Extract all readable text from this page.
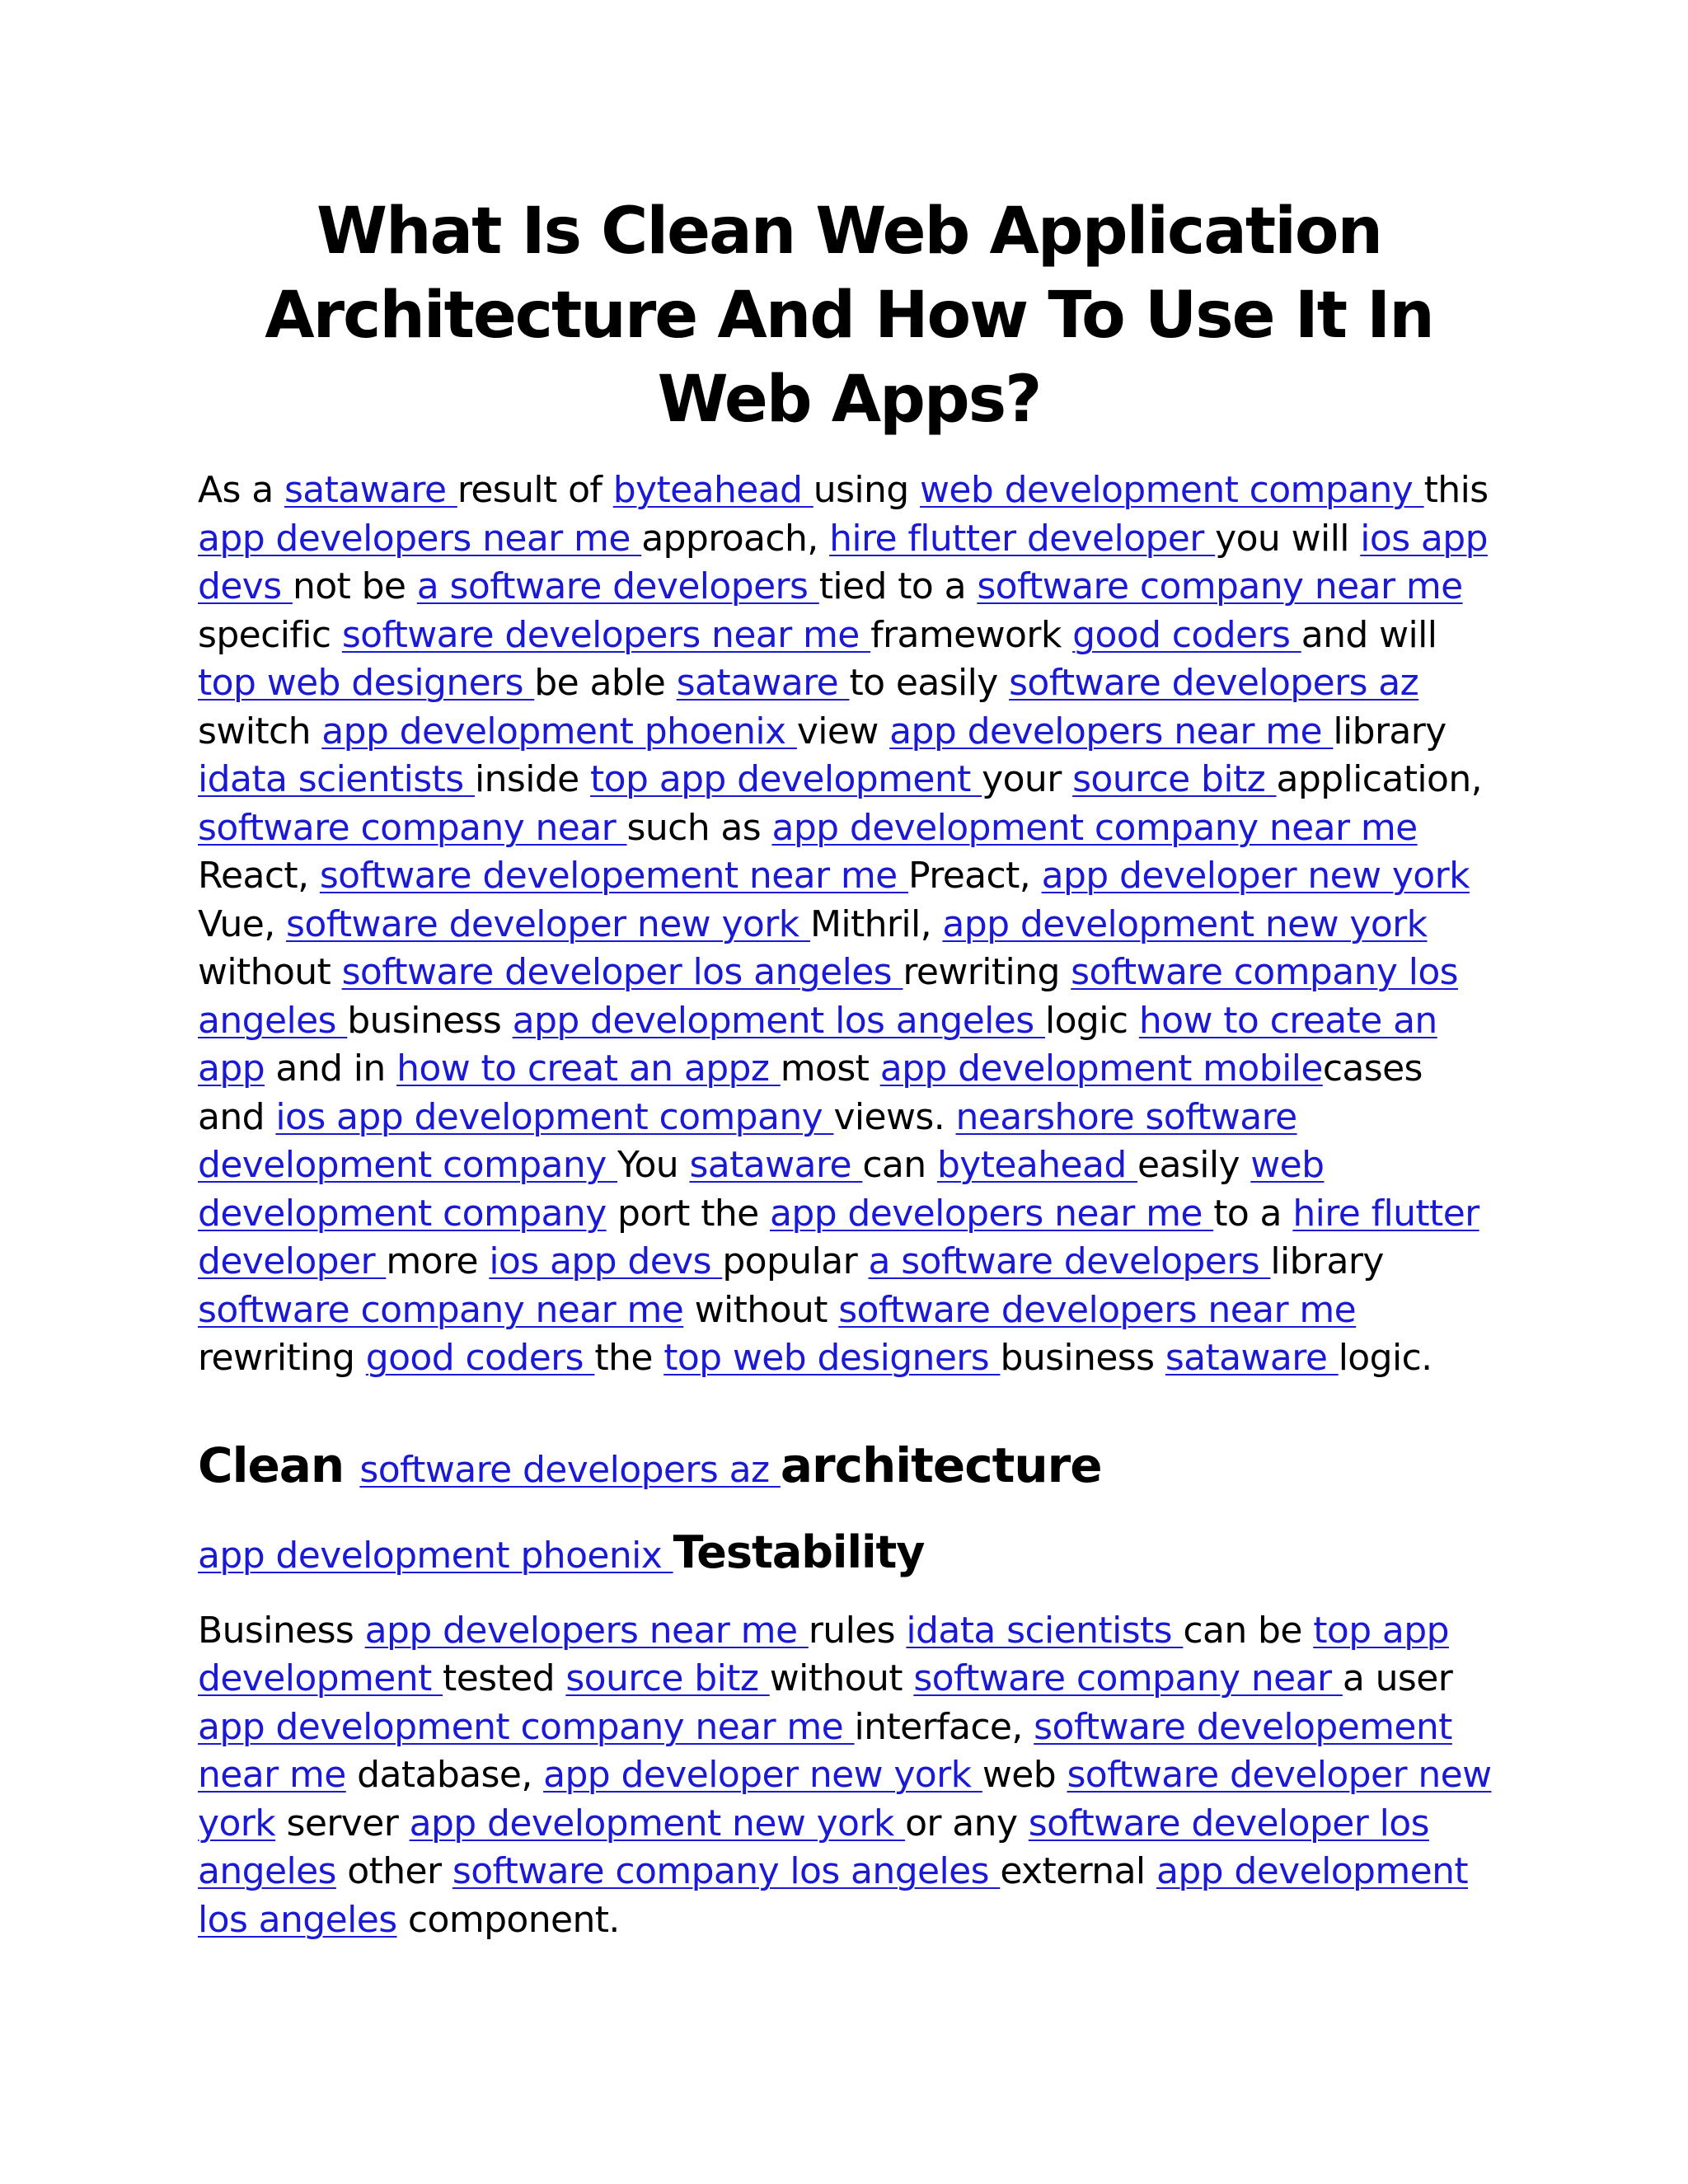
What Is Clean Web Application Architecture And How To Use It In Web Apps?

As a sataware result of byteahead using web development company this app developers near me approach, hire flutter developer you will ios app devs not be a software developers tied to a software company near me specific software developers near me framework good coders and will top web designers be able sataware to easily software developers az switch app development phoenix view app developers near me library idata scientists inside top app development your source bitz application, software company near such as app development company near me React, software developement near me Preact, app developer new york Vue, software developer new york Mithril, app development new york without software developer los angeles rewriting software company los angeles business app development los angeles logic how to create an app and in how to creat an appz most app development mobilecases and ios app development company views. nearshore software development company You sataware can byteahead easily web development company port the app developers near me to a hire flutter developer more ios app devs popular a software developers library software company near me without software developers near me rewriting good coders the top web designers business sataware logic.

Clean software developers az architecture
app development phoenix Testability

Business app developers near me rules idata scientists can be top app development tested source bitz without software company near a user app development company near me interface, software developement near me database, app developer new york web software developer new york server app development new york or any software developer los angeles other software company los angeles external app development los angeles component.
